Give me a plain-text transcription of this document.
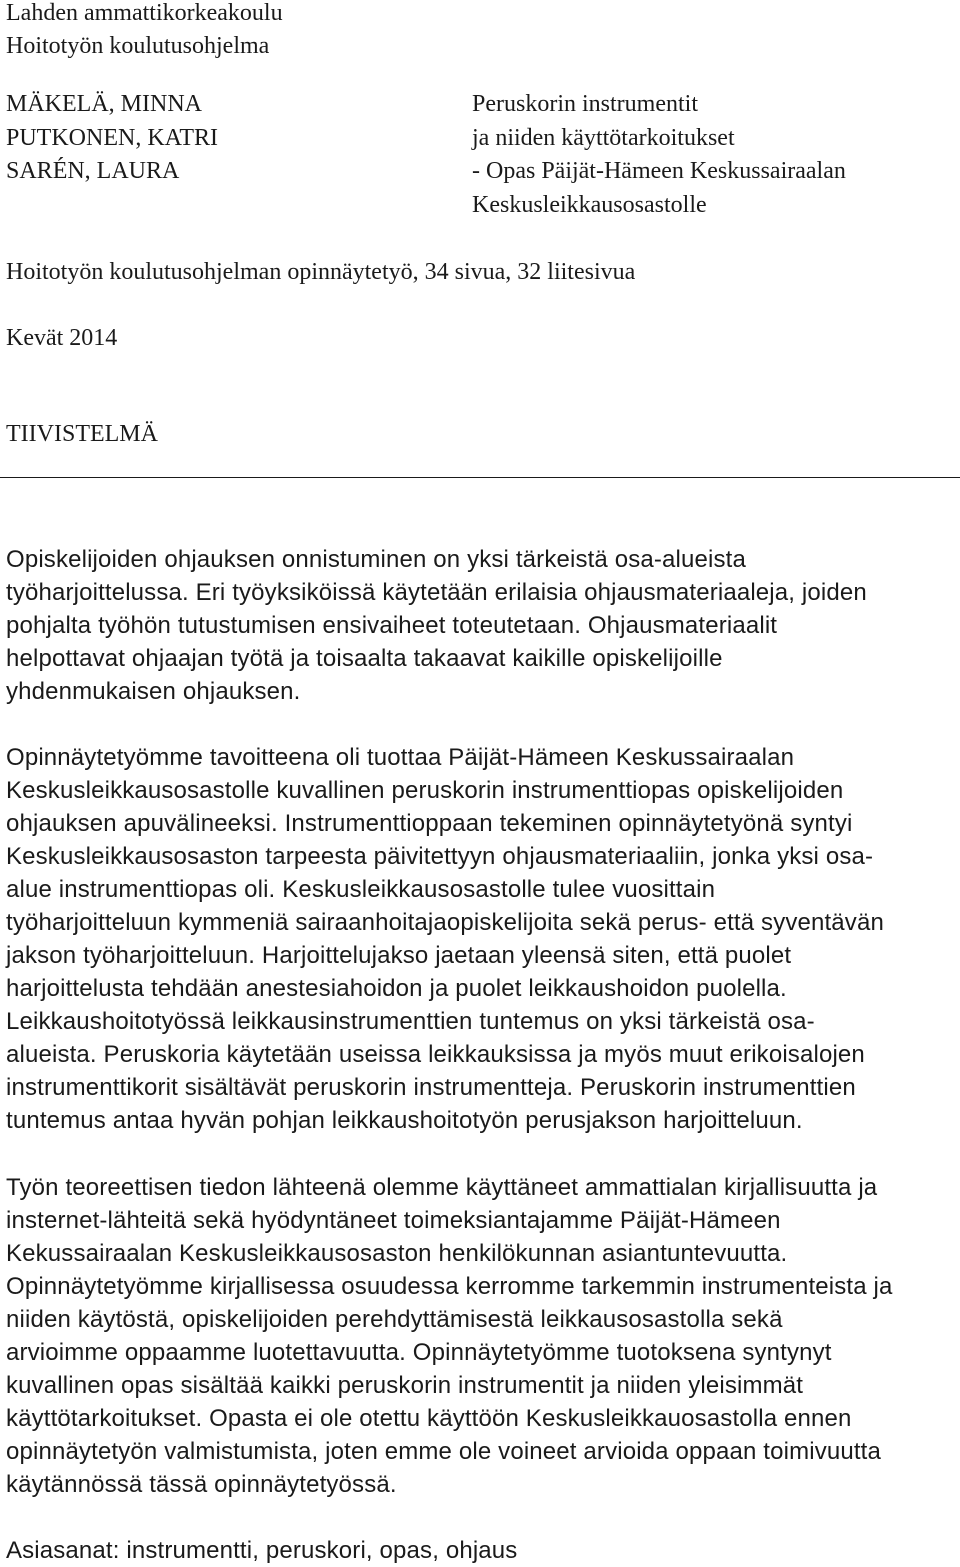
Lahden ammattikorkeakoulu
Hoitotyön koulutusohjelma
MÄKELÄ, MINNA
PUTKONEN, KATRI
SARÉN, LAURA
Peruskorin instrumentit
ja niiden käyttötarkoitukset
- Opas Päijät-Hämeen Keskussairaalan
Keskusleikkausosastolle
Hoitotyön koulutusohjelman opinnäytetyö, 34 sivua, 32 liitesivua
Kevät 2014
TIIVISTELMÄ
Opiskelijoiden ohjauksen onnistuminen on yksi tärkeistä osa-alueista
työharjoittelussa. Eri työyksiköissä käytetään erilaisia ohjausmateriaaleja, joiden
pohjalta työhön tutustumisen ensivaiheet toteutetaan. Ohjausmateriaalit
helpottavat ohjaajan työtä ja toisaalta takaavat kaikille opiskelijoille
yhdenmukaisen ohjauksen.
Opinnäytetyömme tavoitteena oli tuottaa Päijät-Hämeen Keskussairaalan
Keskusleikkausosastolle kuvallinen peruskorin instrumenttiopas opiskelijoiden
ohjauksen apuvälineeksi. Instrumenttioppaan tekeminen opinnäytetyönä syntyi
Keskusleikkausosaston tarpeesta päivitettyyn ohjausmateriaaliin, jonka yksi osa-
alue instrumenttiopas oli. Keskusleikkausosastolle tulee vuosittain
työharjoitteluun kymmeniä sairaanhoitajaopiskelijoita sekä perus- että syventävän
jakson työharjoitteluun. Harjoittelujakso jaetaan yleensä siten, että puolet
harjoittelusta tehdään anestesiahoidon ja puolet leikkaushoidon puolella.
Leikkaushoitotyössä leikkausinstrumenttien tuntemus on yksi tärkeistä osa-
alueista. Peruskoria käytetään useissa leikkauksissa ja myös muut erikoisalojen
instrumenttikorit sisältävät peruskorin instrumentteja. Peruskorin instrumenttien
tuntemus antaa hyvän pohjan leikkaushoitotyön perusjakson harjoitteluun.
Työn teoreettisen tiedon lähteenä olemme käyttäneet ammattialan kirjallisuutta ja
insternet-lähteitä sekä hyödyntäneet toimeksiantajamme Päijät-Hämeen
Kekussairaalan Keskusleikkausosaston henkilökunnan asiantuntevuutta.
Opinnäytetyömme kirjallisessa osuudessa kerromme tarkemmin instrumenteista ja
niiden käytöstä, opiskelijoiden perehdyttämisestä leikkausosastolla sekä
arvioimme oppaamme luotettavuutta. Opinnäytetyömme tuotoksena syntynyt
kuvallinen opas sisältää kaikki peruskorin instrumentit ja niiden yleisimmät
käyttötarkoitukset. Opasta ei ole otettu käyttöön Keskusleikkauosastolla ennen
opinnäytetyön valmistumista, joten emme ole voineet arvioida oppaan toimivuutta
käytännössä tässä opinnäytetyössä.
Asiasanat: instrumentti, peruskori, opas, ohjaus
